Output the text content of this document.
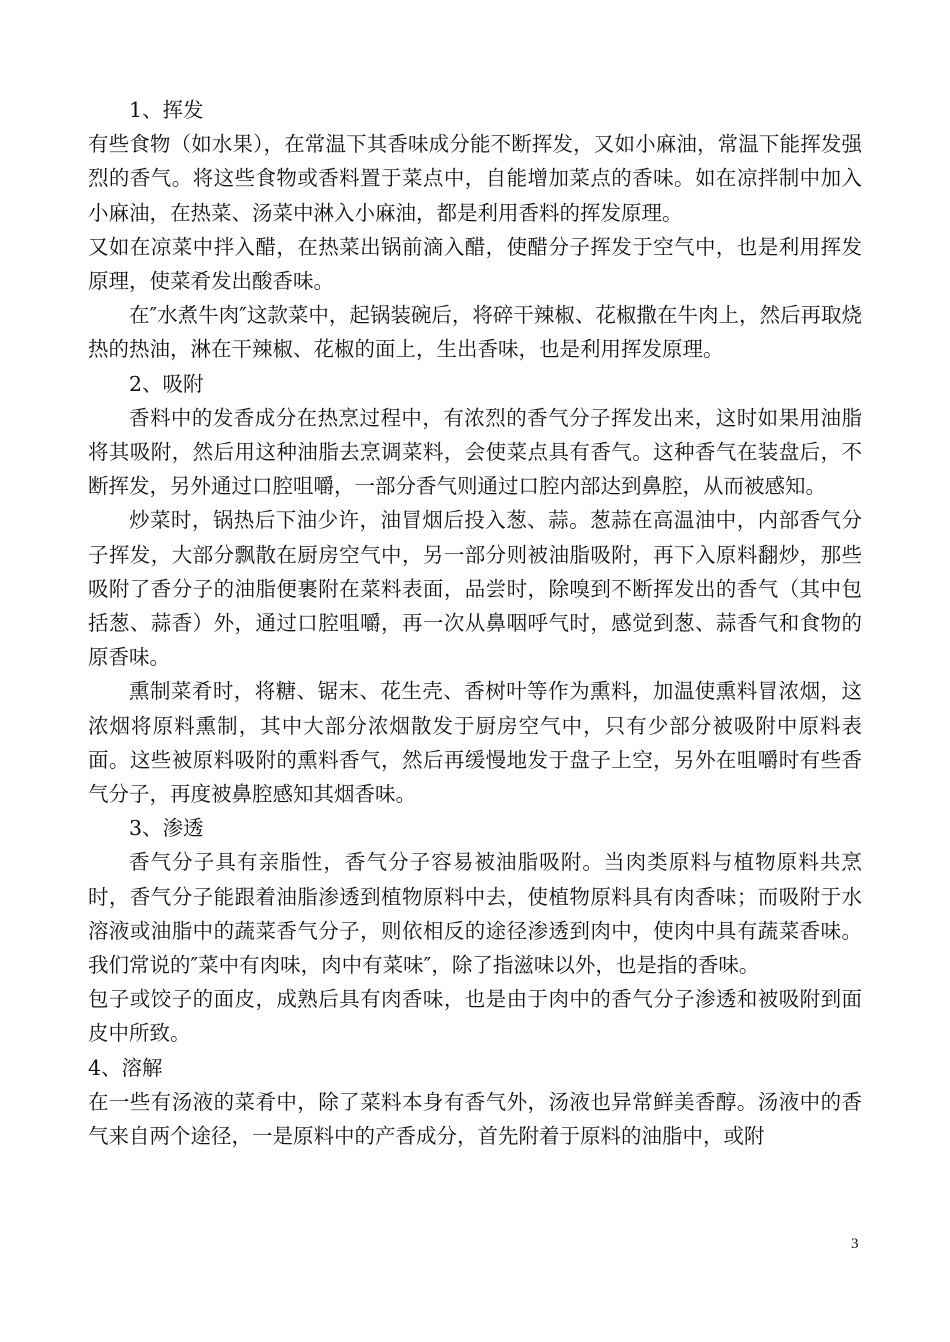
1、挥发

有些食物（如水果），在常温下其香味成分能不断挥发，又如小麻油，常温下能挥发强烈的香气。将这些食物或香料置于菜点中，自能增加菜点的香味。如在凉拌制中加入小麻油，在热菜、汤菜中淋入小麻油，都是利用香料的挥发原理。

又如在凉菜中拌入醋，在热菜出锅前滴入醋，使醋分子挥发于空气中，也是利用挥发原理，使菜肴发出酸香味。

在″水煮牛肉″这款菜中，起锅装碗后，将碎干辣椒、花椒撒在牛肉上，然后再取烧热的热油，淋在干辣椒、花椒的面上，生出香味，也是利用挥发原理。

2、吸附

香料中的发香成分在热烹过程中，有浓烈的香气分子挥发出来，这时如果用油脂将其吸附，然后用这种油脂去烹调菜料，会使菜点具有香气。这种香气在装盘后，不断挥发，另外通过口腔咀嚼，一部分香气则通过口腔内部达到鼻腔，从而被感知。

炒菜时，锅热后下油少许，油冒烟后投入葱、蒜。葱蒜在高温油中，内部香气分子挥发，大部分飘散在厨房空气中，另一部分则被油脂吸附，再下入原料翻炒，那些吸附了香分子的油脂便裹附在菜料表面，品尝时，除嗅到不断挥发出的香气（其中包括葱、蒜香）外，通过口腔咀嚼，再一次从鼻咽呼气时，感觉到葱、蒜香气和食物的原香味。

熏制菜肴时，将糖、锯末、花生壳、香树叶等作为熏料，加温使熏料冒浓烟，这浓烟将原料熏制，其中大部分浓烟散发于厨房空气中，只有少部分被吸附中原料表面。这些被原料吸附的熏料香气，然后再缓慢地发于盘子上空，另外在咀嚼时有些香气分子，再度被鼻腔感知其烟香味。

3、渗透

香气分子具有亲脂性，香气分子容易被油脂吸附。当肉类原料与植物原料共烹时，香气分子能跟着油脂渗透到植物原料中去，使植物原料具有肉香味；而吸附于水溶液或油脂中的蔬菜香气分子，则依相反的途径渗透到肉中，使肉中具有蔬菜香味。我们常说的″菜中有肉味，肉中有菜味″，除了指滋味以外，也是指的香味。

包子或饺子的面皮，成熟后具有肉香味，也是由于肉中的香气分子渗透和被吸附到面皮中所致。

4、溶解

在一些有汤液的菜肴中，除了菜料本身有香气外，汤液也异常鲜美香醇。汤液中的香气来自两个途径，一是原料中的产香成分，首先附着于原料的油脂中，或附

3
